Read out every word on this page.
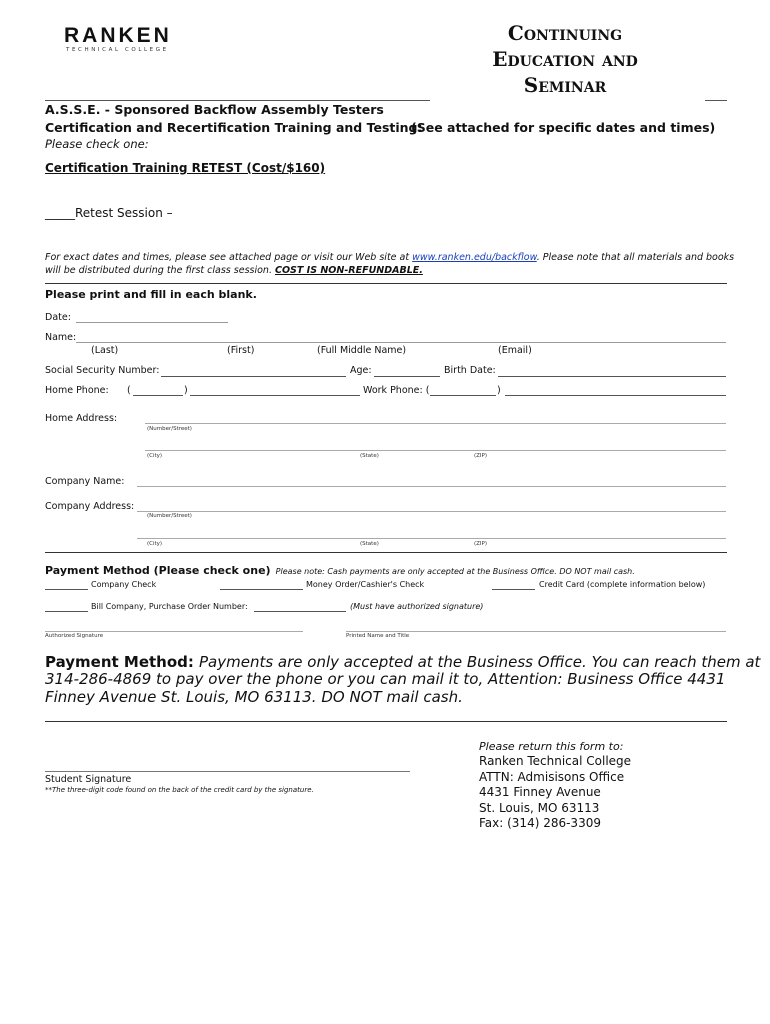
RANKEN
TECHNICAL COLLEGE
Continuing
Education and
Seminar
A.S.S.E. - Sponsored Backflow Assembly Testers
Certification and Recertification Training and Testing:
(See attached for specific dates and times)
Please check one:
Certification Training RETEST (Cost/$160)
_____Retest Session –
For exact dates and times, please see attached page or visit our Web site at www.ranken.edu/backflow. Please note that all materials and books
will be distributed during the first class session. COST IS NON-REFUNDABLE.
Please print and fill in each blank.
Date:
Name:
(Last)	(First)	(Full Middle Name)	(Email)
Social Security Number:	Age:	Birth Date:
Home Phone: (	)	Work Phone: (	)
Home Address:
(Number/Street)
(City)	(State)	(ZIP)
Company Name:
Company Address:
(Number/Street)
(City)	(State)	(ZIP)
Payment Method (Please check one) Please note: Cash payments are only accepted at the Business Office. DO NOT mail cash.
Company Check	Money Order/Cashier's Check	Credit Card (complete information below)
Bill Company, Purchase Order Number:	(Must have authorized signature)
Authorized Signature	Printed Name and Title
Payment Method: Payments are only accepted at the Business Office. You can reach them at
314-286-4869 to pay over the phone or you can mail it to, Attention: Business Office 4431
Finney Avenue St. Louis, MO 63113. DO NOT mail cash.
Student Signature
**The three-digit code found on the back of the credit card by the signature.
Please return this form to:
Ranken Technical College
ATTN: Admisisons Office
4431 Finney Avenue
St. Louis, MO 63113
Fax: (314) 286-3309
